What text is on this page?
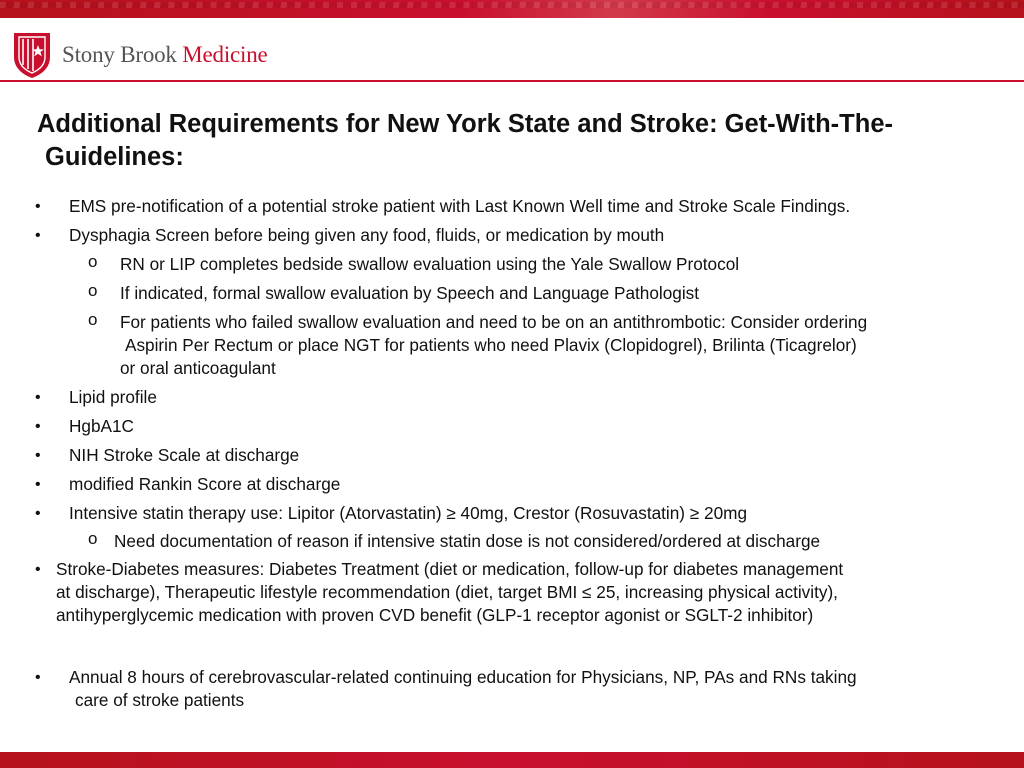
Stony Brook Medicine
Additional Requirements for New York State and Stroke: Get-With-The-
Guidelines:
• EMS pre-notification of a potential stroke patient with Last Known Well time and Stroke Scale Findings.
• Dysphagia Screen before being given any food, fluids, or medication by mouth
o RN or LIP completes bedside swallow evaluation using the Yale Swallow Protocol
o If indicated, formal swallow evaluation by Speech and Language Pathologist
o For patients who failed swallow evaluation and need to be on an antithrombotic: Consider ordering
Aspirin Per Rectum or place NGT for patients who need Plavix (Clopidogrel), Brilinta (Ticagrelor)
or oral anticoagulant
• Lipid profile
• HgbA1C
• NIH Stroke Scale at discharge
• modified Rankin Score at discharge
• Intensive statin therapy use: Lipitor (Atorvastatin) ≥ 40mg, Crestor (Rosuvastatin) ≥ 20mg
o Need documentation of reason if intensive statin dose is not considered/ordered at discharge
• Stroke-Diabetes measures: Diabetes Treatment (diet or medication, follow-up for diabetes management
at discharge), Therapeutic lifestyle recommendation (diet, target BMI ≤ 25, increasing physical activity),
antihyperglycemic medication with proven CVD benefit (GLP-1 receptor agonist or SGLT-2 inhibitor)
• Annual 8 hours of cerebrovascular-related continuing education for Physicians, NP, PAs and RNs taking
care of stroke patients
